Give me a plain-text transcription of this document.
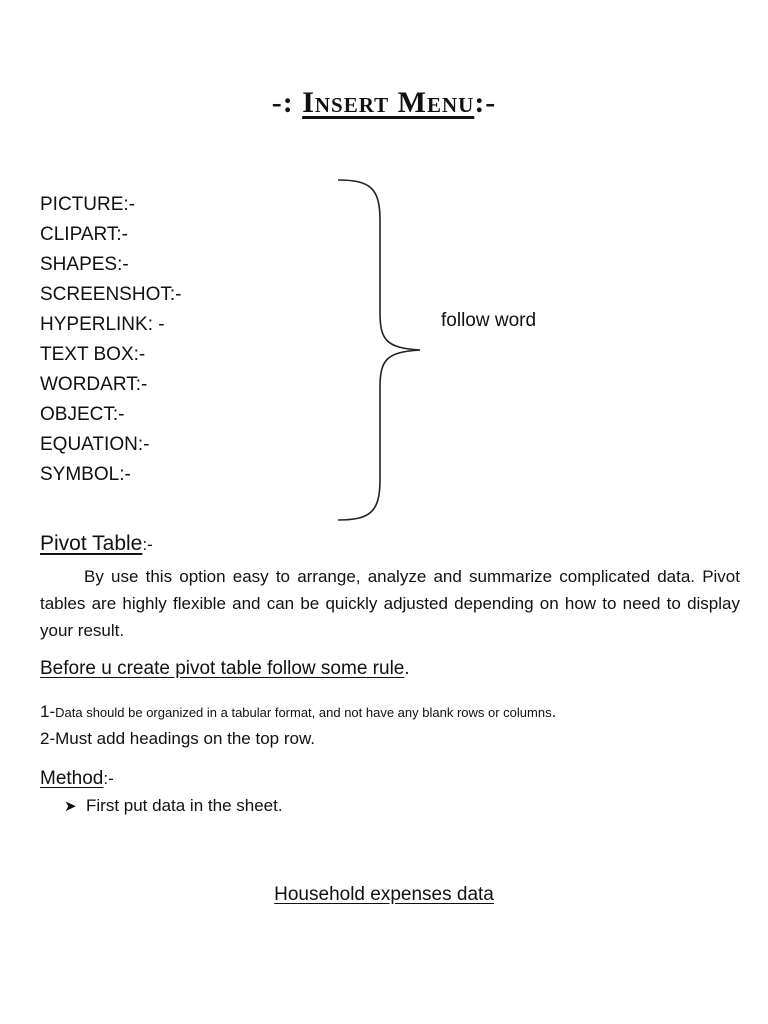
-: Insert Menu:-
PICTURE:-
CLIPART:-
SHAPES:-
SCREENSHOT:-
HYPERLINK: -
TEXT BOX:-
WORDART:-
OBJECT:-
EQUATION:-
SYMBOL:-
follow word
Pivot Table:-
By use this option easy to arrange, analyze and summarize complicated data. Pivot tables are highly flexible and can be quickly adjusted depending on how to need to display your result.
Before u create pivot table follow some rule.
1-Data should be organized in a tabular format, and not have any blank rows or columns.
2-Must add headings on the top row.
Method:-
➤ First put data in the sheet.
Household expenses data
